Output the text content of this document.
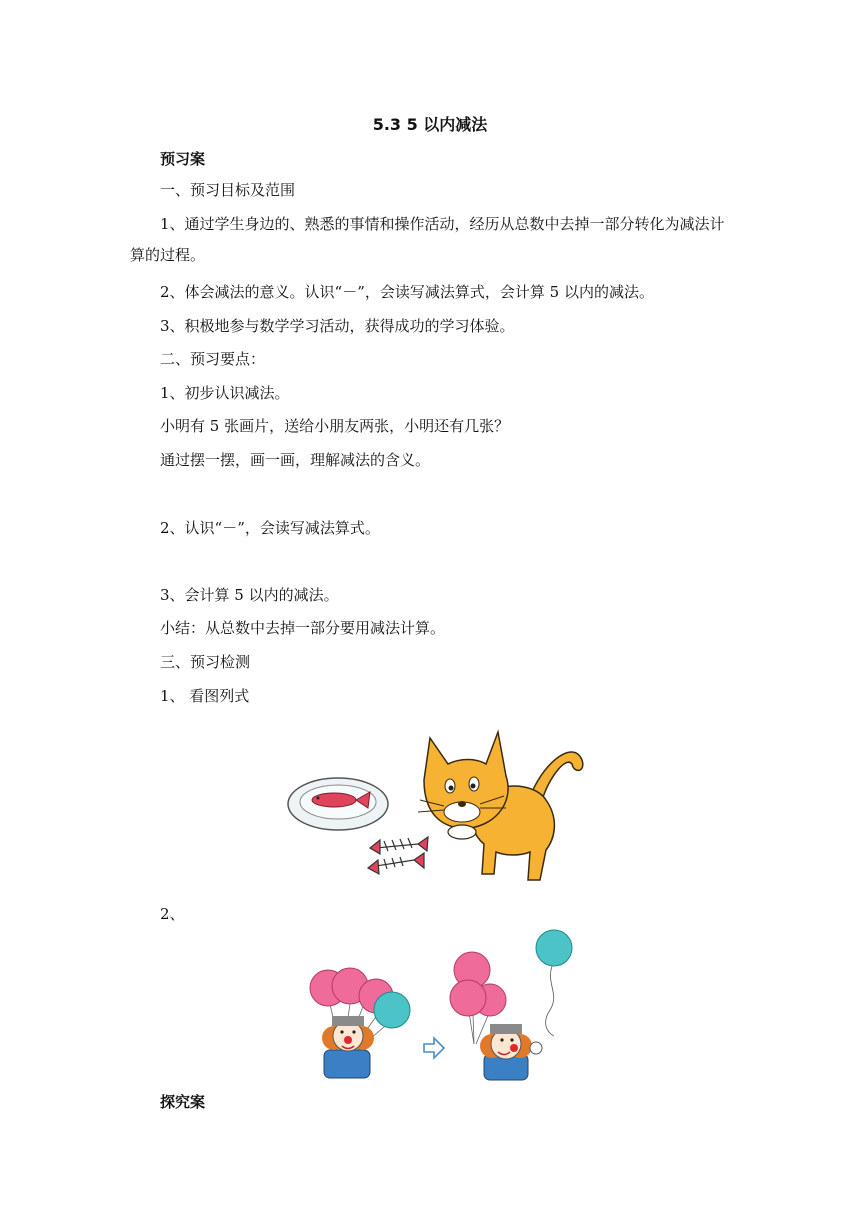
5.3 5 以内减法
预习案
一、预习目标及范围
1、通过学生身边的、熟悉的事情和操作活动，经历从总数中去掉一部分转化为减法计
算的过程。
2、体会减法的意义。认识“－”，会读写减法算式，会计算 5 以内的减法。
3、积极地参与数学学习活动，获得成功的学习体验。
二、预习要点：
1、初步认识减法。
小明有 5 张画片，送给小朋友两张，小明还有几张？
通过摆一摆，画一画，理解减法的含义。
2、认识“－”，会读写减法算式。
3、会计算 5 以内的减法。
小结：从总数中去掉一部分要用减法计算。
三、预习检测
1、 看图列式
2、
探究案
